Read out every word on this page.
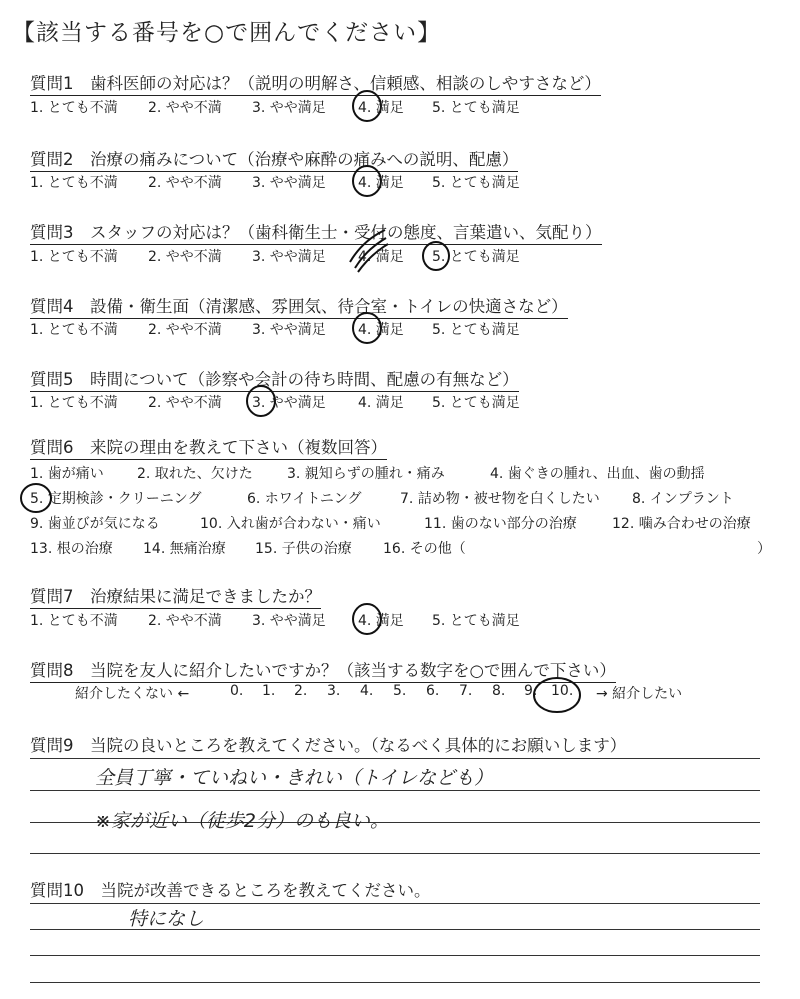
【該当する番号を○で囲んでください】
質問1　歯科医師の対応は？（説明の明解さ、信頼感、相談のしやすさなど）
1. とても不満 2. やや不満 3. やや満足 4. 満足 5. とても満足
質問2　治療の痛みについて（治療や麻酔の痛みへの説明、配慮）
1. とても不満 2. やや不満 3. やや満足 4. 満足 5. とても満足
質問3　スタッフの対応は？（歯科衛生士・受付の態度、言葉遣い、気配り）
1. とても不満 2. やや不満 3. やや満足 4. 満足 5. とても満足
質問4　設備・衛生面（清潔感、雰囲気、待合室・トイレの快適さなど）
1. とても不満 2. やや不満 3. やや満足 4. 満足 5. とても満足
質問5　時間について（診察や会計の待ち時間、配慮の有無など）
1. とても不満 2. やや不満 3. やや満足 4. 満足 5. とても満足
質問6　来院の理由を教えて下さい（複数回答）
1. 歯が痛い 2. 取れた、欠けた 3. 親知らずの腫れ・痛み	4. 歯ぐきの腫れ、出血、歯の動揺
5. 定期検診・クリーニング	6. ホワイトニング	7. 詰め物・被せ物を白くしたい 8. インプラント
9. 歯並びが気になる	10. 入れ歯が合わない・痛い	11. 歯のない部分の治療	12. 噛み合わせの治療
13. 根の治療 14. 無痛治療 15. 子供の治療 16. その他（	）
質問7　治療結果に満足できましたか？
1. とても不満 2. やや不満 3. やや満足 4. 満足 5. とても満足
質問8　当院を友人に紹介したいですか？（該当する数字を○で囲んで下さい）
紹介したくない ←	0. 1. 2. 3. 4. 5. 6. 7. 8. 9. 10. → 紹介したい
質問9　当院の良いところを教えてください。（なるべく具体的にお願いします）
全員丁寧・ていねい・きれい（トイレなども）
※家が近い（徒歩2分）のも良い。
質問10　当院が改善できるところを教えてください。
特になし
